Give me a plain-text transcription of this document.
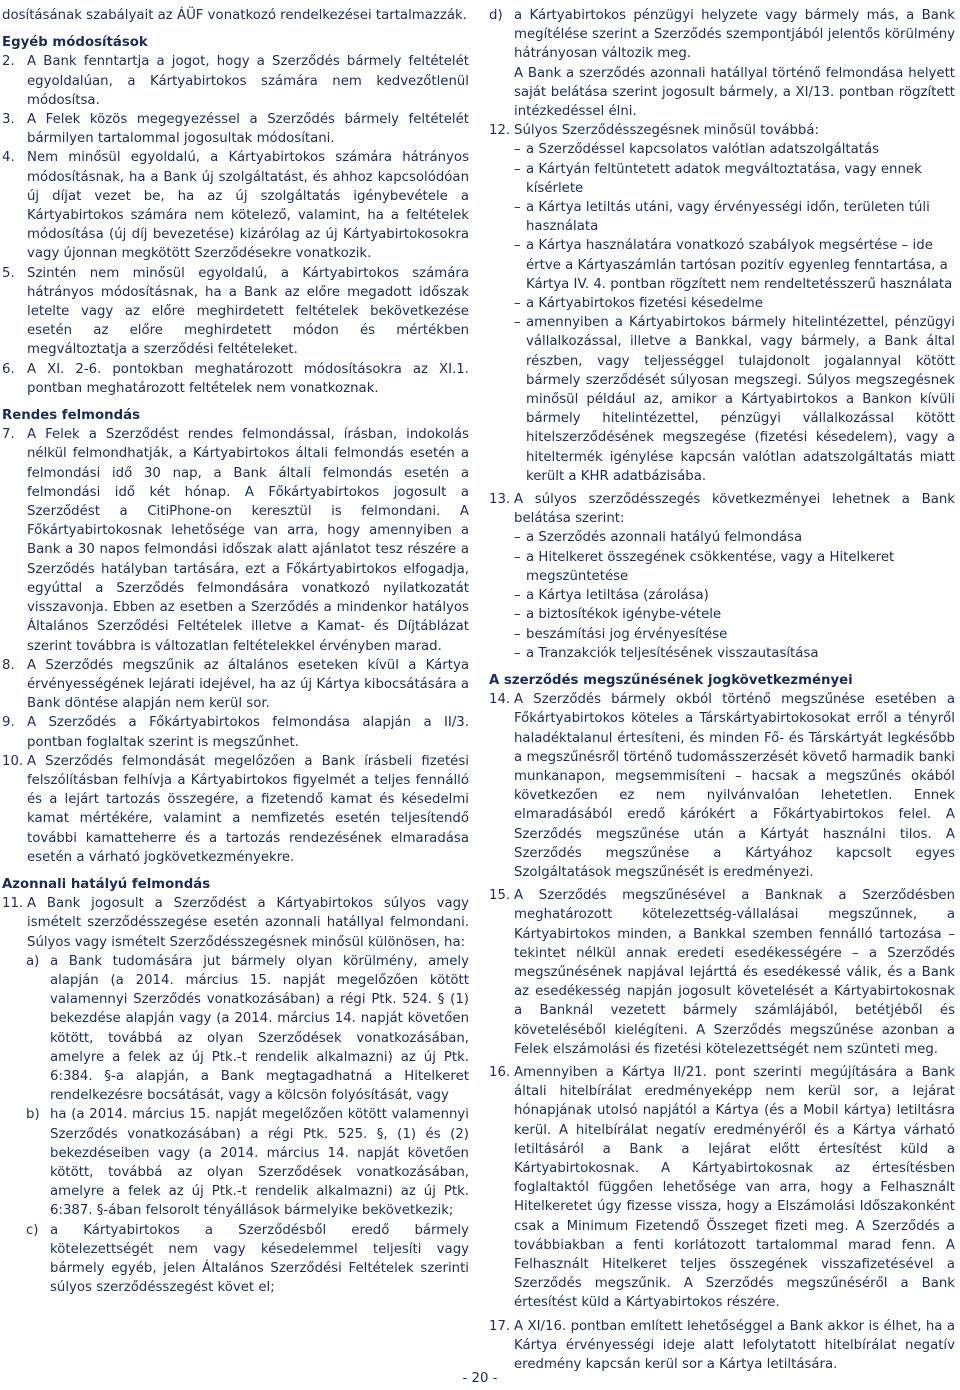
dosításának szabályait az ÁÜF vonatkozó rendelkezései tartalmazzák.

Egyéb módosítások

2. A Bank fenntartja a jogot, hogy a Szerződés bármely feltételét egyoldalúan, a Kártyabirtokos számára nem kedvezőtlenül módosítsa.
3. A Felek közös megegyezéssel a Szerződés bármely feltételét bármilyen tartalommal jogosultak módosítani.
4. Nem minősül egyoldalú, a Kártyabirtokos számára hátrányos módosításnak, ha a Bank új szolgáltatást, és ahhoz kapcsolódóan új díjat vezet be, ha az új szolgáltatás igénybevétele a Kártyabirtokos számára nem kötelező, valamint, ha a feltételek módosítása (új díj bevezetése) kizárólag az új Kártyabirtokosokra vagy újonnan megkötött Szerződésekre vonatkozik.
5. Szintén nem minősül egyoldalú, a Kártyabirtokos számára hátrányos módosításnak, ha a Bank az előre megadott időszak letelte vagy az előre meghirdetett feltételek bekövetkezése esetén az előre meghirdetett módon és mértékben megváltoztatja a szerződési feltételeket.
6. A XI. 2-6. pontokban meghatározott módosításokra az XI.1. pontban meghatározott feltételek nem vonatkoznak.

Rendes felmondás

7. A Felek a Szerződést rendes felmondással, írásban, indokolás nélkül felmondhatják, a Kártyabirtokos általi felmondás esetén a felmondási idő 30 nap, a Bank általi felmondás esetén a felmondási idő két hónap. A Főkártyabirtokos jogosult a Szerződést a CitiPhone-on keresztül is felmondani. A Főkártyabirtokosnak lehetősége van arra, hogy amennyiben a Bank a 30 napos felmondási időszak alatt ajánlatot tesz részére a Szerződés hatályban tartására, ezt a Főkártyabirtokos elfogadja, egyúttal a Szerződés felmondására vonatkozó nyilatkozatát visszavonja. Ebben az esetben a Szerződés a mindenkor hatályos Általános Szerződési Feltételek illetve a Kamat- és Díjtáblázat szerint továbbra is változatlan feltételekkel érvényben marad.
8. A Szerződés megszűnik az általános eseteken kívül a Kártya érvényességének lejárati idejével, ha az új Kártya kibocsátására a Bank döntése alapján nem kerül sor.
9. A Szerződés a Főkártyabirtokos felmondása alapján a II/3. pontban foglaltak szerint is megszűnhet.
10. A Szerződés felmondását megelőzően a Bank írásbeli fizetési felszólításban felhívja a Kártyabirtokos figyelmét a teljes fennálló és a lejárt tartozás összegére, a fizetendő kamat és késedelmi kamat mértékére, valamint a nemfizetés esetén teljesítendő további kamatteherre és a tartozás rendezésének elmaradása esetén a várható jogkövetkezményekre.

Azonnali hatályú felmondás

11. A Bank jogosult a Szerződést a Kártyabirtokos súlyos vagy ismételt szerződésszegése esetén azonnali hatállyal felmondani. Súlyos vagy ismételt Szerződésszegésnek minősül különösen, ha:
a) a Bank tudomására jut bármely olyan körülmény, amely alapján (a 2014. március 15. napját megelőzően kötött valamennyi Szerződés vonatkozásában) a régi Ptk. 524. § (1) bekezdése alapján vagy (a 2014. március 14. napját követően kötött, továbbá az olyan Szerződések vonatkozásában, amelyre a felek az új Ptk.-t rendelik alkalmazni) az új Ptk. 6:384. §-a alapján, a Bank megtagadhatná a Hitelkeret rendelkezésre bocsátását, vagy a kölcsön folyósítását, vagy
b) ha (a 2014. március 15. napját megelőzően kötött valamennyi Szerződés vonatkozásában) a régi Ptk. 525. §, (1) és (2) bekezdéseiben vagy (a 2014. március 14. napját követően kötött, továbbá az olyan Szerződések vonatkozásában, amelyre a felek az új Ptk.-t rendelik alkalmazni) az új Ptk. 6:387. §-ában felsorolt tényállások bármelyike bekövetkezik;
c) a Kártyabirtokos a Szerződésből eredő bármely kötelezettségét nem vagy késedelemmel teljesíti vagy bármely egyéb, jelen Általános Szerződési Feltételek szerinti súlyos szerződésszegést követ el;
d) a Kártyabirtokos pénzügyi helyzete vagy bármely más, a Bank megítélése szerint a Szerződés szempontjából jelentős körülmény hátrányosan változik meg.

A Bank a szerződés azonnali hatállyal történő felmondása helyett saját belátása szerint jogosult bármely, a XI/13. pontban rögzített intézkedéssel élni.

12. Súlyos Szerződésszegésnek minősül továbbá:
– a Szerződéssel kapcsolatos valótlan adatszolgáltatás
– a Kártyán feltüntetett adatok megváltoztatása, vagy ennek kísérlete
– a Kártya letiltás utáni, vagy érvényességi időn, területen túli használata
– a Kártya használatára vonatkozó szabályok megsértése – ide értve a Kártyaszámlán tartósan pozitív egyenleg fenntartása, a Kártya IV. 4. pontban rögzített nem rendeltetésszerű használata
– a Kártyabirtokos fizetési késedelme
– amennyiben a Kártyabirtokos bármely hitelintézettel, pénzügyi vállalkozással, illetve a Bankkal, vagy bármely, a Bank által részben, vagy teljességgel tulajdonolt jogalannyal kötött bármely szerződését súlyosan megszegi. Súlyos megszegésnek minősül például az, amikor a Kártyabirtokos a Bankon kívüli bármely hitelintézettel, pénzügyi vállalkozással kötött hitelszerződésének megszegése (fizetési késedelem), vagy a hiteltermék igénylése kapcsán valótlan adatszolgáltatás miatt került a KHR adatbázisába.
13. A súlyos szerződésszegés következményei lehetnek a Bank belátása szerint:
– a Szerződés azonnali hatályú felmondása
– a Hitelkeret összegének csökkentése, vagy a Hitelkeret megszüntetése
– a Kártya letiltása (zárolása)
– a biztosítékok igénybe-vétele
– beszámítási jog érvényesítése
– a Tranzakciók teljesítésének visszautasítása

A szerződés megszűnésének jogkövetkezményei

14. A Szerződés bármely okból történő megszűnése esetében a Főkártyabirtokos köteles a Társkártyabirtokosokat erről a tényről haladéktalanul értesíteni, és minden Fő- és Társkártyát legkésőbb a megszűnésről történő tudomásszerzését követő harmadik banki munkanapon, megsemmisíteni – hacsak a megszűnés okából következően ez nem nyilvánvalóan lehetetlen. Ennek elmaradásából eredő kárókért a Főkártyabirtokos felel. A Szerződés megszűnése után a Kártyát használni tilos. A Szerződés megszűnése a Kártyához kapcsolt egyes Szolgáltatások megszűnését is eredményezi.
15. A Szerződés megszűnésével a Banknak a Szerződésben meghatározott kötelezettség-vállalásai megszűnnek, a Kártyabirtokos minden, a Bankkal szemben fennálló tartozása – tekintet nélkül annak eredeti esedékességére – a Szerződés megszűnésének napjával lejárttá és esedékessé válik, és a Bank az esedékesség napján jogosult követelését a Kártyabirtokosnak a Banknál vezetett bármely számlájából, betétjéből és követeléséből kielégíteni. A Szerződés megszűnése azonban a Felek elszámolási és fizetési kötelezettségét nem szünteti meg.
16. Amennyiben a Kártya II/21. pont szerinti megújítására a Bank általi hitelbírálat eredményeképp nem kerül sor, a lejárat hónapjának utolsó napjától a Kártya (és a Mobil kártya) letiltásra kerül. A hitelbírálat negatív eredményéről és a Kártya várható letiltásáról a Bank a lejárat előtt értesítést küld a Kártyabirtokosnak. A Kártyabirtokosnak az értesítésben foglaltaktól függően lehetősége van arra, hogy a Felhasznált Hitelkeretet úgy fizesse vissza, hogy a Elszámolási Időszakonként csak a Minimum Fizetendő Összeget fizeti meg. A Szerződés a továbbiakban a fenti korlátozott tartalommal marad fenn. A Felhasznált Hitelkeret teljes összegének visszafizetésével a Szerződés megszűnik. A Szerződés megszűnéséről a Bank értesítést küld a Kártyabirtokos részére.
17. A XI/16. pontban említett lehetőséggel a Bank akkor is élhet, ha a Kártya érvényességi ideje alatt lefolytatott hitelbírálat negatív eredmény kapcsán kerül sor a Kártya letiltására.
- 20 -
